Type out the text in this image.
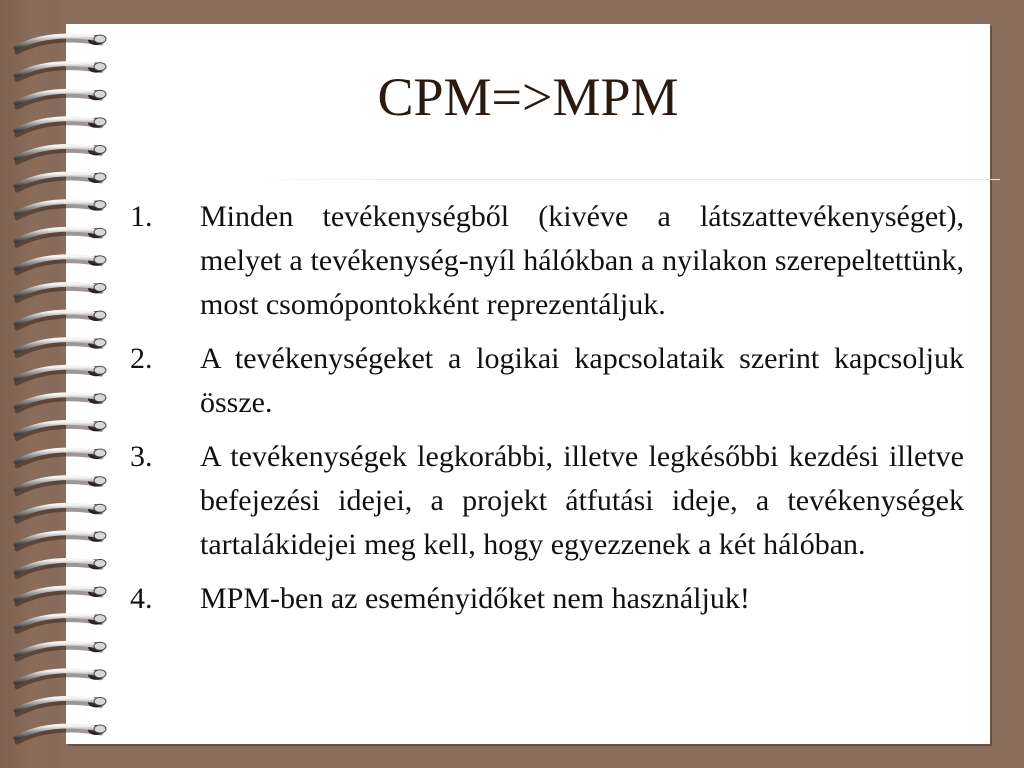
CPM=>MPM
1.	Minden tevékenységből (kivéve a látszattevékenységet), melyet a tevékenység-nyíl hálókban a nyilakon szerepeltettünk, most csomópontokként reprezentáljuk.
2.	A tevékenységeket a logikai kapcsolataik szerint kapcsoljuk össze.
3.	A tevékenységek legkorábbi, illetve legkésőbbi kezdési illetve befejezési idejei, a projekt átfutási ideje, a tevékenységek tartalákidejei meg kell, hogy egyezzenek a két hálóban.
4.	MPM-ben az eseményidőket nem használjuk!
